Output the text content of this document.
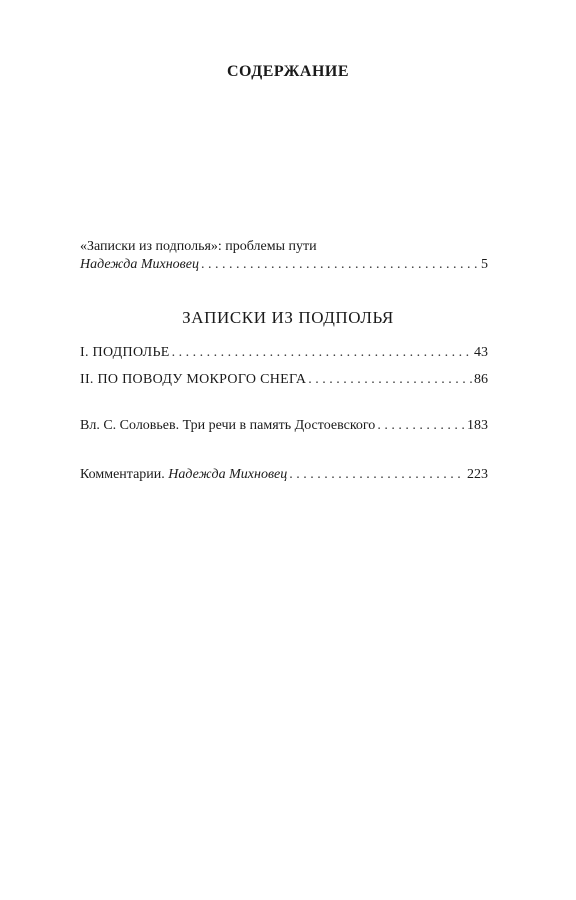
СОДЕРЖАНИЕ
«Записки из подполья»: проблемы пути
Надежда Михновец . . .	5
ЗАПИСКИ ИЗ ПОДПОЛЬЯ
I. ПОДПОЛЬЕ . . .	43
II. ПО ПОВОДУ МОКРОГО СНЕГА . . .	86
Вл. С. Соловьев. Три речи в память Достоевского . . .	183
Комментарии. Надежда Михновец . . .	223
